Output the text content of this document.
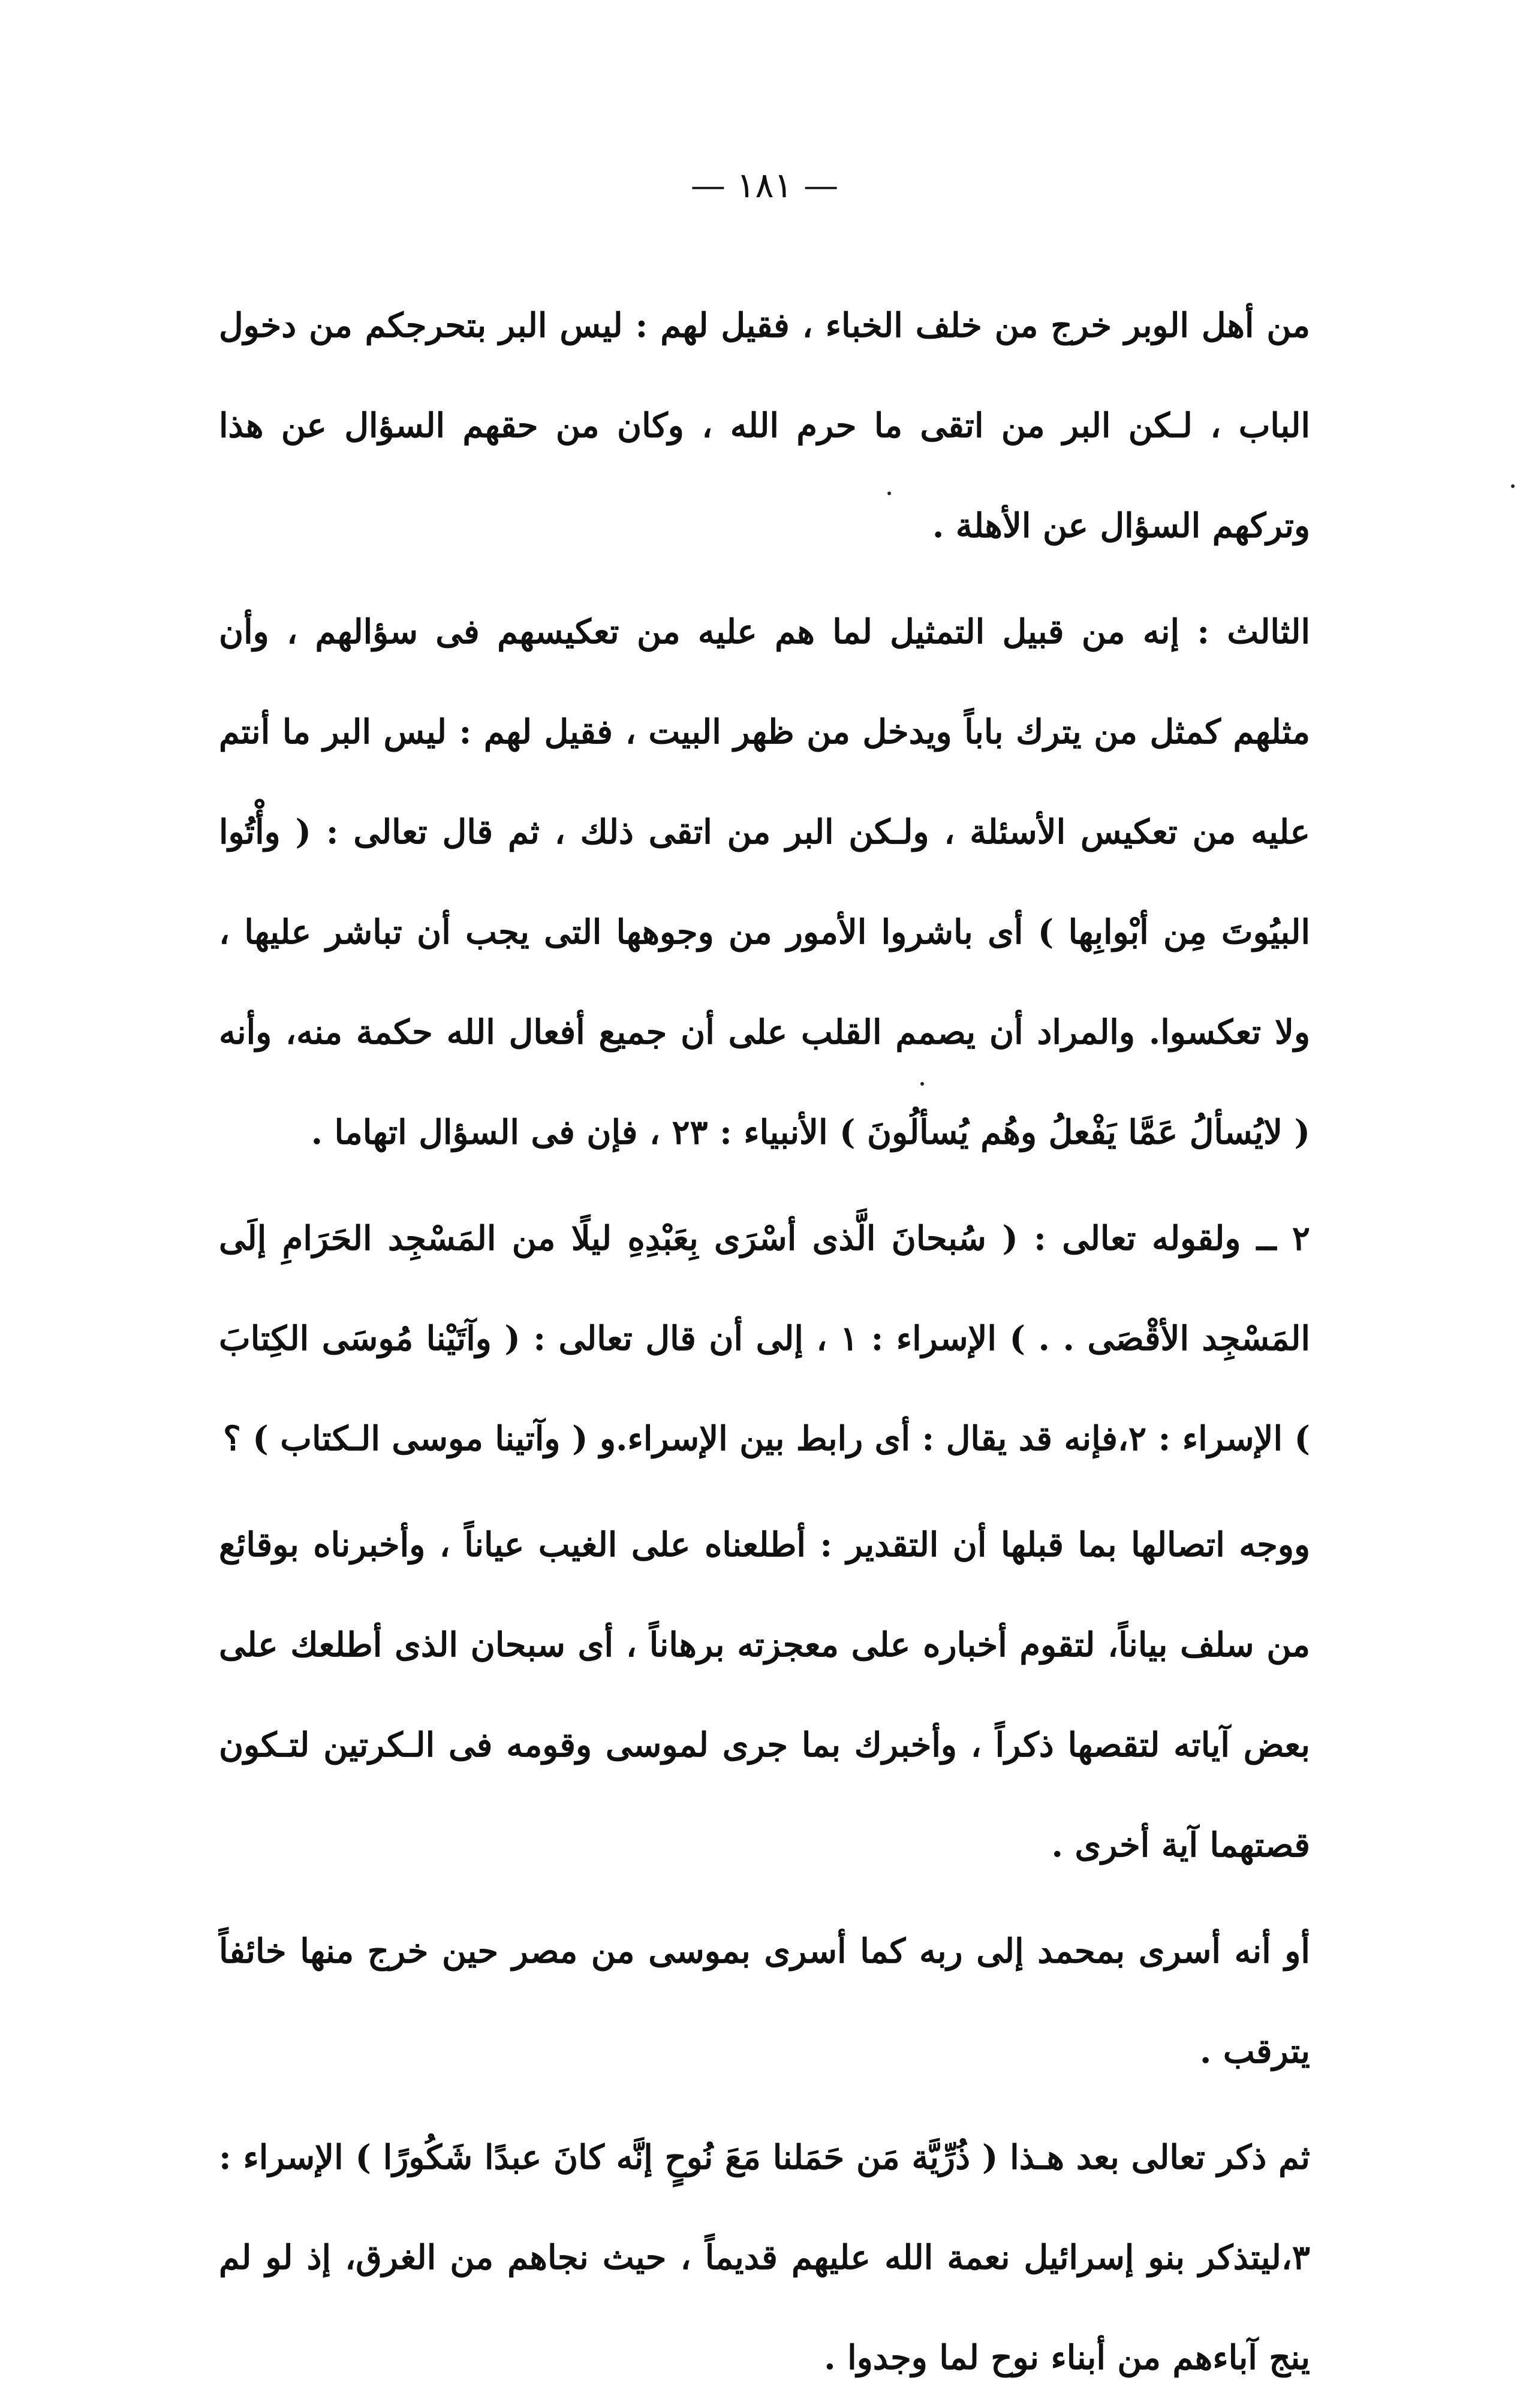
— ١٨١ —

من أهل الوبر خرج من خلف الخباء ، فقيل لهم : ليس البر بتحرجكم من دخول الباب ، لـكن البر من اتقى ما حرم الله ، وكان من حقهم السؤال عن هذا وتركهم السؤال عن الأهلة .

الثالث : إنه من قبيل التمثيل لما هم عليه من تعكيسهم فى سؤالهم ، وأن مثلهم كمثل من يترك باباً ويدخل من ظهر البيت ، فقيل لهم : ليس البر ما أنتم عليه من تعكيس الأسئلة ، ولـكن البر من اتقى ذلك ، ثم قال تعالى : ( وأْتُوا البيُوتَ مِن أبْوابِها ) أى باشروا الأمور من وجوهها التى يجب أن تباشر عليها ، ولا تعكسوا. والمراد أن يصمم القلب على أن جميع أفعال الله حكمة منه، وأنه ( لايُسألُ عَمَّا يَفْعلُ وهُم يُسألُونَ ) الأنبياء : ٢٣ ، فإن فى السؤال اتهاما .

٢ ــ ولقوله تعالى : ( سُبحانَ الَّذى أسْرَى بِعَبْدِهِ ليلًا من المَسْجِد الحَرَامِ إلَى المَسْجِد الأقْصَى . . ) الإسراء : ١ ، إلى أن قال تعالى : ( وآتَيْنا مُوسَى الكِتابَ ) الإسراء : ٢،فإنه قد يقال : أى رابط بين الإسراء.و ( وآتينا موسى الـكتاب ) ؟

ووجه اتصالها بما قبلها أن التقدير : أطلعناه على الغيب عياناً ، وأخبرناه بوقائع من سلف بياناً، لتقوم أخباره على معجزته برهاناً ، أى سبحان الذى أطلعك على بعض آياته لتقصها ذكراً ، وأخبرك بما جرى لموسى وقومه فى الـكرتين لتـكون قصتهما آية أخرى .

أو أنه أسرى بمحمد إلى ربه كما أسرى بموسى من مصر حين خرج منها خائفاً يترقب .

ثم ذكر تعالى بعد هـذا ( ذُرِّيَّة مَن حَمَلنا مَعَ نُوحٍ إنَّه كانَ عبدًا شَكُورًا ) الإسراء : ٣،ليتذكر بنو إسرائيل نعمة الله عليهم قديماً ، حيث نجاهم من الغرق، إذ لو لم ينج آباءهم من أبناء نوح لما وجدوا .
